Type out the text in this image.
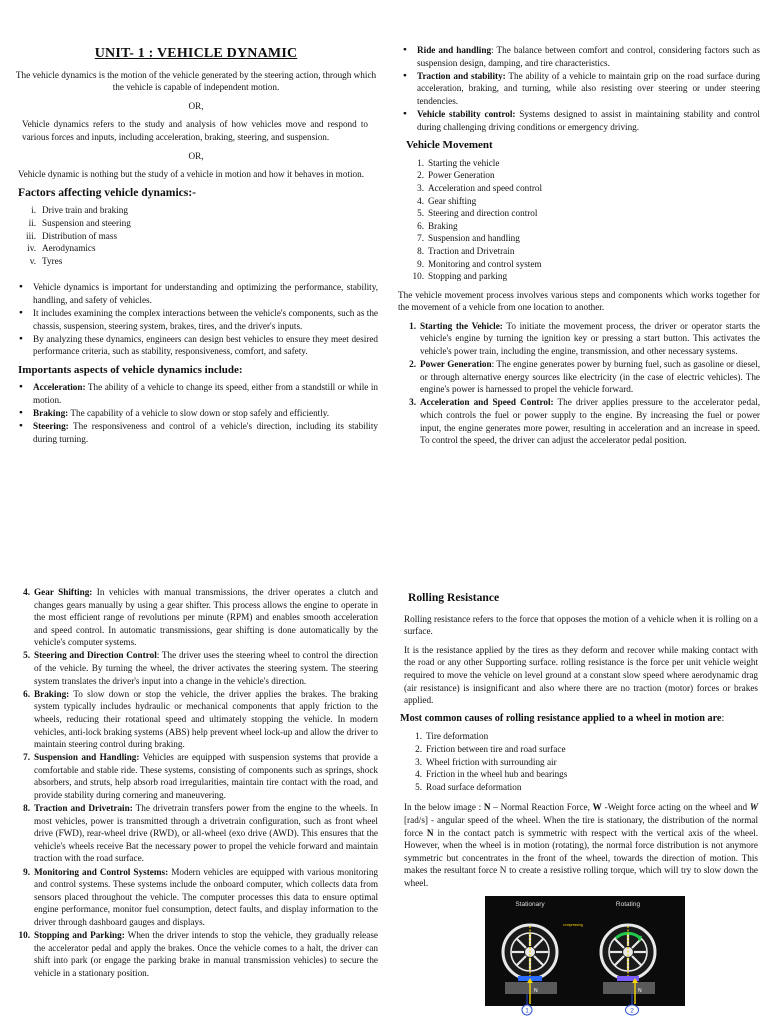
UNIT- 1 : VEHICLE DYNAMIC

The vehicle dynamics is the motion of the vehicle generated by the steering action, through which the vehicle is capable of independent motion.

OR,

Vehicle dynamics refers to the study and analysis of how vehicles move and respond to various forces and inputs, including acceleration, braking, steering, and suspension.

OR,

Vehicle dynamic is nothing but the study of a vehicle in motion and how it behaves in motion.

Factors affecting vehicle dynamics:-
i. Drive train and braking
ii. Suspension and steering
iii. Distribution of mass
iv. Aerodynamics
v. Tyres
● Vehicle dynamics is important for understanding and optimizing the performance, stability, handling, and safety of vehicles.
● It includes examining the complex interactions between the vehicle's components, such as the chassis, suspension, steering system, brakes, tires, and the driver's inputs.
● By analyzing these dynamics, engineers can design best vehicles to ensure they meet desired performance criteria, such as stability, responsiveness, comfort, and safety.
Importants aspects of vehicle dynamics include:
● Acceleration: The ability of a vehicle to change its speed, either from a standstill or while in motion.
● Braking: The capability of a vehicle to slow down or stop safely and efficiently.
● Steering: The responsiveness and control of a vehicle's direction, including its stability during turning.
● Ride and handling: The balance between comfort and control, considering factors such as suspension design, damping, and tire characteristics.
● Traction and stability: The ability of a vehicle to maintain grip on the road surface during acceleration, braking, and turning, while also resisting over steering or under steering tendencies.
● Vehicle stability control: Systems designed to assist in maintaining stability and control during challenging driving conditions or emergency driving.
Vehicle Movement
1. Starting the vehicle
2. Power Generation
3. Acceleration and speed control
4. Gear shifting
5. Steering and direction control
6. Braking
7. Suspension and handling
8. Traction and Drivetrain
9. Monitoring and control system
10. Stopping and parking

The vehicle movement process involves various steps and components which works together for the movement of a vehicle from one location to another.

1. Starting the Vehicle: To initiate the movement process, the driver or operator starts the vehicle's engine by turning the ignition key or pressing a start button. This activates the vehicle's power train, including the engine, transmission, and other necessary systems.
2. Power Generation: The engine generates power by burning fuel, such as gasoline or diesel, or through alternative energy sources like electricity (in the case of electric vehicles). The engine's power is harnessed to propel the vehicle forward.
3. Acceleration and Speed Control: The driver applies pressure to the accelerator pedal, which controls the fuel or power supply to the engine. By increasing the fuel or power input, the engine generates more power, resulting in acceleration and an increase in speed. To control the speed, the driver can adjust the accelerator pedal position.
4. Gear Shifting: In vehicles with manual transmissions, the driver operates a clutch and changes gears manually by using a gear shifter. This process allows the engine to operate in the most efficient range of revolutions per minute (RPM) and enables smooth acceleration and speed control. In automatic transmissions, gear shifting is done automatically by the vehicle's computer systems.
5. Steering and Direction Control: The driver uses the steering wheel to control the direction of the vehicle. By turning the wheel, the driver activates the steering system. The steering system translates the driver's input into a change in the vehicle's direction.
6. Braking: To slow down or stop the vehicle, the driver applies the brakes. The braking system typically includes hydraulic or mechanical components that apply friction to the wheels, reducing their rotational speed and ultimately stopping the vehicle. In modern vehicles, anti-lock braking systems (ABS) help prevent wheel lock-up and allow the driver to maintain steering control during braking.
7. Suspension and Handling: Vehicles are equipped with suspension systems that provide a comfortable and stable ride. These systems, consisting of components such as springs, shock absorbers, and struts, help absorb road irregularities, maintain tire contact with the road, and provide stability during cornering and maneuvering.
8. Traction and Drivetrain: The drivetrain transfers power from the engine to the wheels. In most vehicles, power is transmitted through a drivetrain configuration, such as front wheel drive (FWD), rear-wheel drive (RWD), or all-wheel (exo drive (AWD). This ensures that the vehicle's wheels receive Bat the necessary power to propel the vehicle forward and maintain traction with the road surface.
9. Monitoring and Control Systems: Modern vehicles are equipped with various monitoring and control systems. These systems include the onboard computer, which collects data from sensors placed throughout the vehicle. The computer processes this data to ensure optimal engine performance, monitor fuel consumption, detect faults, and display information to the driver through dashboard gauges and displays.
10. Stopping and Parking: When the driver intends to stop the vehicle, they gradually release the accelerator pedal and apply the brakes. Once the vehicle comes to a halt, the driver can shift into park (or engage the parking brake in manual transmission vehicles) to secure the vehicle in a stationary position.
Rolling Resistance

Rolling resistance refers to the force that opposes the motion of a vehicle when it is rolling on a surface.

It is the resistance applied by the tires as they deform and recover while making contact with the road or any other Supporting surface. rolling resistance is the force per unit vehicle weight required to move the vehicle on level ground at a constant slow speed where aerodynamic drag (air resistance) is insignificant and also where there are no traction (motor) forces or brakes applied.

Most common causes of rolling resistance applied to a wheel in motion are:
1. Tire deformation
2. Friction between tire and road surface
3. Wheel friction with surrounding air
4. Friction in the wheel hub and bearings
5. Road surface deformation

In the below image : N – Normal Reaction Force, W -Weight force acting on the wheel and W [rad/s] - angular speed of the wheel. When the tire is stationary, the distribution of the normal force N in the contact patch is symmetric with respect with the vertical axis of the wheel. However, when the wheel is in motion (rotating), the normal force distribution is not anymore symmetric but concentrates in the front of the wheel, towards the direction of motion. This makes the resultant force N to create a resistive rolling torque, which will try to slow down the wheel.

Stationary	Rotating
compressing
N	N
1	2
